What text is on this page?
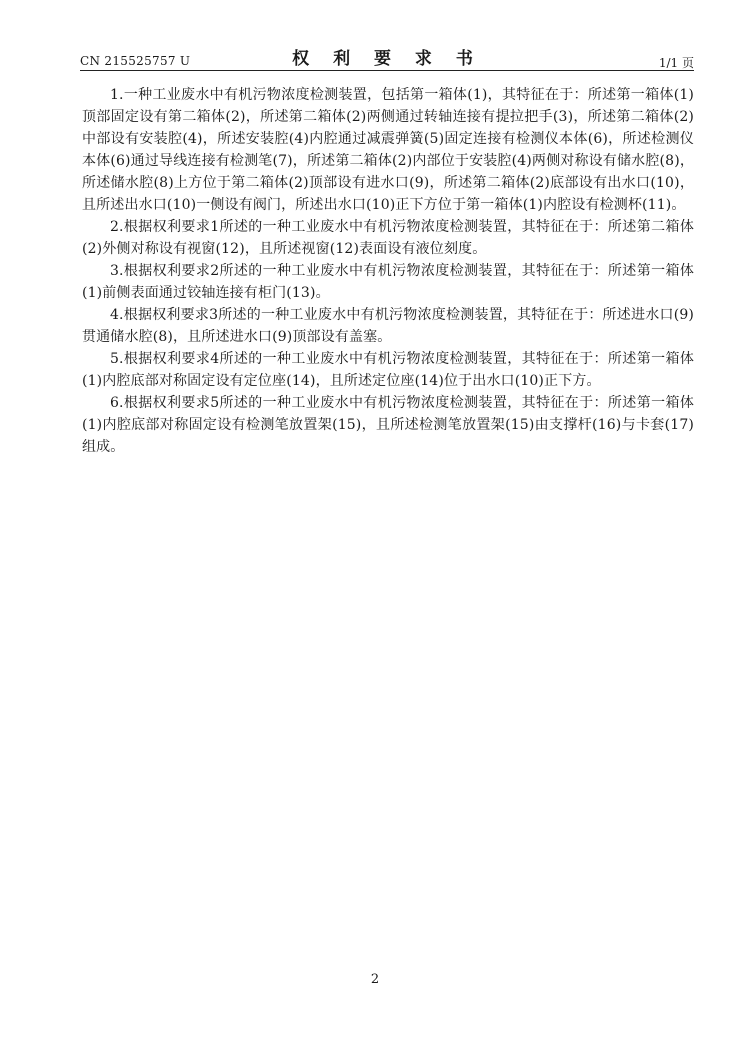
CN 215525757 U	权 利 要 求 书	1/1 页

1.一种工业废水中有机污物浓度检测装置，包括第一箱体(1)，其特征在于：所述第一箱体(1)顶部固定设有第二箱体(2)，所述第二箱体(2)两侧通过转轴连接有提拉把手(3)，所述第二箱体(2)中部设有安装腔(4)，所述安装腔(4)内腔通过减震弹簧(5)固定连接有检测仪本体(6)，所述检测仪本体(6)通过导线连接有检测笔(7)，所述第二箱体(2)内部位于安装腔(4)两侧对称设有储水腔(8)，所述储水腔(8)上方位于第二箱体(2)顶部设有进水口(9)，所述第二箱体(2)底部设有出水口(10)，且所述出水口(10)一侧设有阀门，所述出水口(10)正下方位于第一箱体(1)内腔设有检测杯(11)。

2.根据权利要求1所述的一种工业废水中有机污物浓度检测装置，其特征在于：所述第二箱体(2)外侧对称设有视窗(12)，且所述视窗(12)表面设有液位刻度。

3.根据权利要求2所述的一种工业废水中有机污物浓度检测装置，其特征在于：所述第一箱体(1)前侧表面通过铰轴连接有柜门(13)。

4.根据权利要求3所述的一种工业废水中有机污物浓度检测装置，其特征在于：所述进水口(9)贯通储水腔(8)，且所述进水口(9)顶部设有盖塞。

5.根据权利要求4所述的一种工业废水中有机污物浓度检测装置，其特征在于：所述第一箱体(1)内腔底部对称固定设有定位座(14)，且所述定位座(14)位于出水口(10)正下方。

6.根据权利要求5所述的一种工业废水中有机污物浓度检测装置，其特征在于：所述第一箱体(1)内腔底部对称固定设有检测笔放置架(15)，且所述检测笔放置架(15)由支撑杆(16)与卡套(17)组成。

2
